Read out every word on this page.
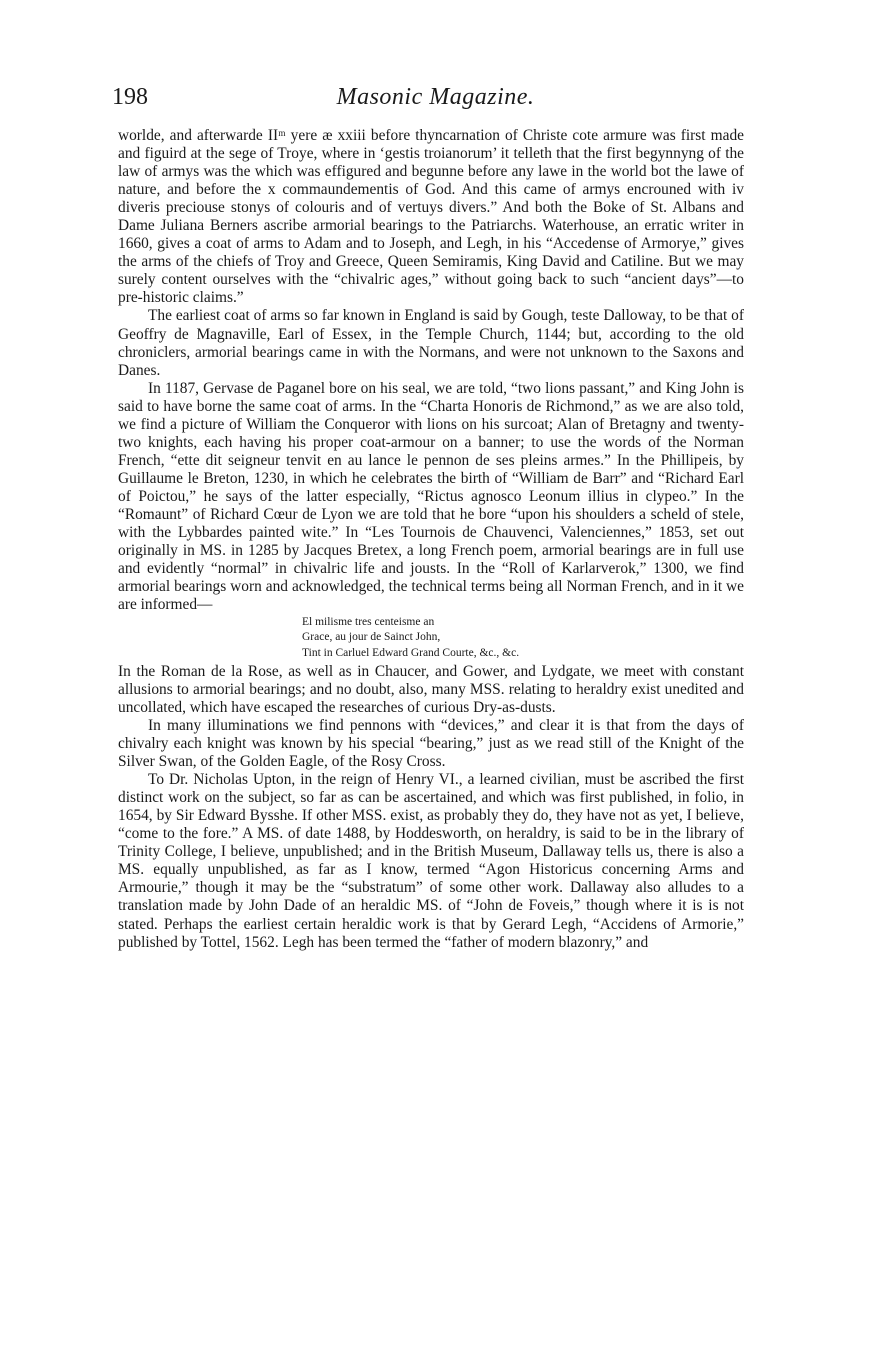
198	Masonic Magazine.

worlde, and afterwarde IIᵐ yere æ xxiii before thyncarnation of Christe cote armure was first made and figuird at the sege of Troye, where in ‘gestis troianorum’ it telleth that the first begynnyng of the law of armys was the which was effigured and begunne before any lawe in the world bot the lawe of nature, and before the x commaundementis of God. And this came of armys encrouned with iv diveris preciouse stonys of colouris and of vertuys divers.” And both the Boke of St. Albans and Dame Juliana Berners ascribe armorial bearings to the Patriarchs. Waterhouse, an erratic writer in 1660, gives a coat of arms to Adam and to Joseph, and Legh, in his “Accedense of Armorye,” gives the arms of the chiefs of Troy and Greece, Queen Semiramis, King David and Catiline. But we may surely content ourselves with the “chivalric ages,” without going back to such “ancient days”—to pre-historic claims.”

The earliest coat of arms so far known in England is said by Gough, teste Dalloway, to be that of Geoffry de Magnaville, Earl of Essex, in the Temple Church, 1144; but, according to the old chroniclers, armorial bearings came in with the Normans, and were not unknown to the Saxons and Danes.

In 1187, Gervase de Paganel bore on his seal, we are told, “two lions passant,” and King John is said to have borne the same coat of arms. In the “Charta Honoris de Richmond,” as we are also told, we find a picture of William the Conqueror with lions on his surcoat; Alan of Bretagny and twenty-two knights, each having his proper coat-armour on a banner; to use the words of the Norman French, “ette dit seigneur tenvit en au lance le pennon de ses pleins armes.” In the Phillipeis, by Guillaume le Breton, 1230, in which he celebrates the birth of “William de Barr” and “Richard Earl of Poictou,” he says of the latter especially, “Rictus agnosco Leonum illius in clypeo.” In the “Romaunt” of Richard Cœur de Lyon we are told that he bore “upon his shoulders a scheld of stele, with the Lybbardes painted wite.” In “Les Tournois de Chauvenci, Valenciennes,” 1853, set out originally in MS. in 1285 by Jacques Bretex, a long French poem, armorial bearings are in full use and evidently “normal” in chivalric life and jousts. In the “Roll of Karlarverok,” 1300, we find armorial bearings worn and acknowledged, the technical terms being all Norman French, and in it we are informed—

El milisme tres centeisme an
Grace, au jour de Sainct John,
Tint in Carluel Edward Grand Courte, &c., &c.

In the Roman de la Rose, as well as in Chaucer, and Gower, and Lydgate, we meet with constant allusions to armorial bearings; and no doubt, also, many MSS. relating to heraldry exist unedited and uncollated, which have escaped the researches of curious Dry-as-dusts.

In many illuminations we find pennons with “devices,” and clear it is that from the days of chivalry each knight was known by his special “bearing,” just as we read still of the Knight of the Silver Swan, of the Golden Eagle, of the Rosy Cross.

To Dr. Nicholas Upton, in the reign of Henry VI., a learned civilian, must be ascribed the first distinct work on the subject, so far as can be ascertained, and which was first published, in folio, in 1654, by Sir Edward Bysshe. If other MSS. exist, as probably they do, they have not as yet, I believe, “come to the fore.” A MS. of date 1488, by Hoddesworth, on heraldry, is said to be in the library of Trinity College, I believe, unpublished; and in the British Museum, Dallaway tells us, there is also a MS. equally unpublished, as far as I know, termed “Agon Historicus concerning Arms and Armourie,” though it may be the “substratum” of some other work. Dallaway also alludes to a translation made by John Dade of an heraldic MS. of “John de Foveis,” though where it is is not stated. Perhaps the earliest certain heraldic work is that by Gerard Legh, “Accidens of Armorie,” published by Tottel, 1562. Legh has been termed the “father of modern blazonry,” and
